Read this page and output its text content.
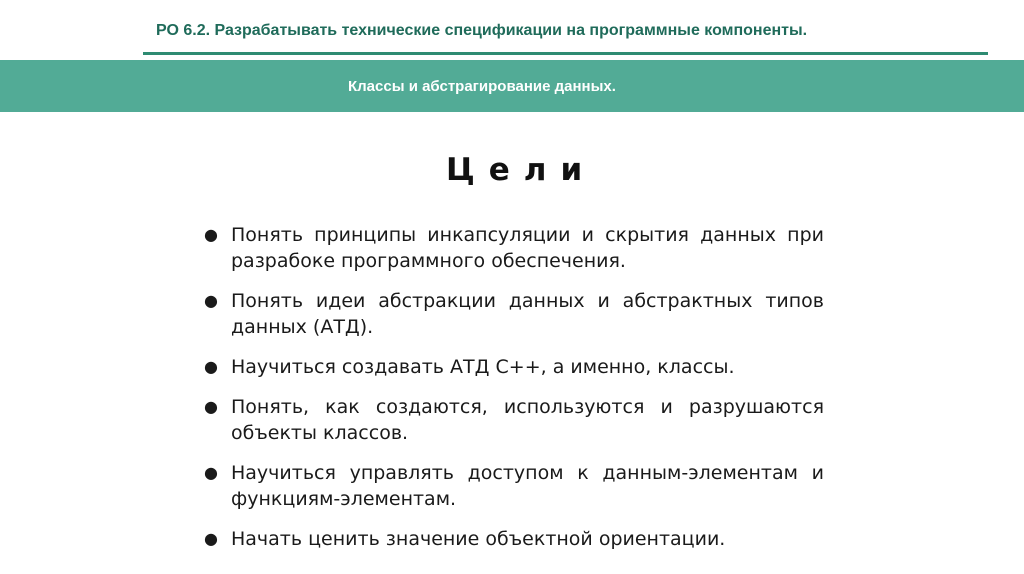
РО 6.2. Разрабатывать технические спецификации на программные компоненты.
Классы и абстрагирование данных.
Цели
● Понять принципы инкапсуляции и скрытия данных при разрабоке программного обеспечения.
● Понять идеи абстракции данных и абстрактных типов данных (АТД).
● Научиться создавать АТД С++, а именно, классы.
● Понять, как создаются, используются и разрушаются объекты классов.
● Научиться управлять доступом к данным-элементам и функциям-элементам.
● Начать ценить значение объектной ориентации.
